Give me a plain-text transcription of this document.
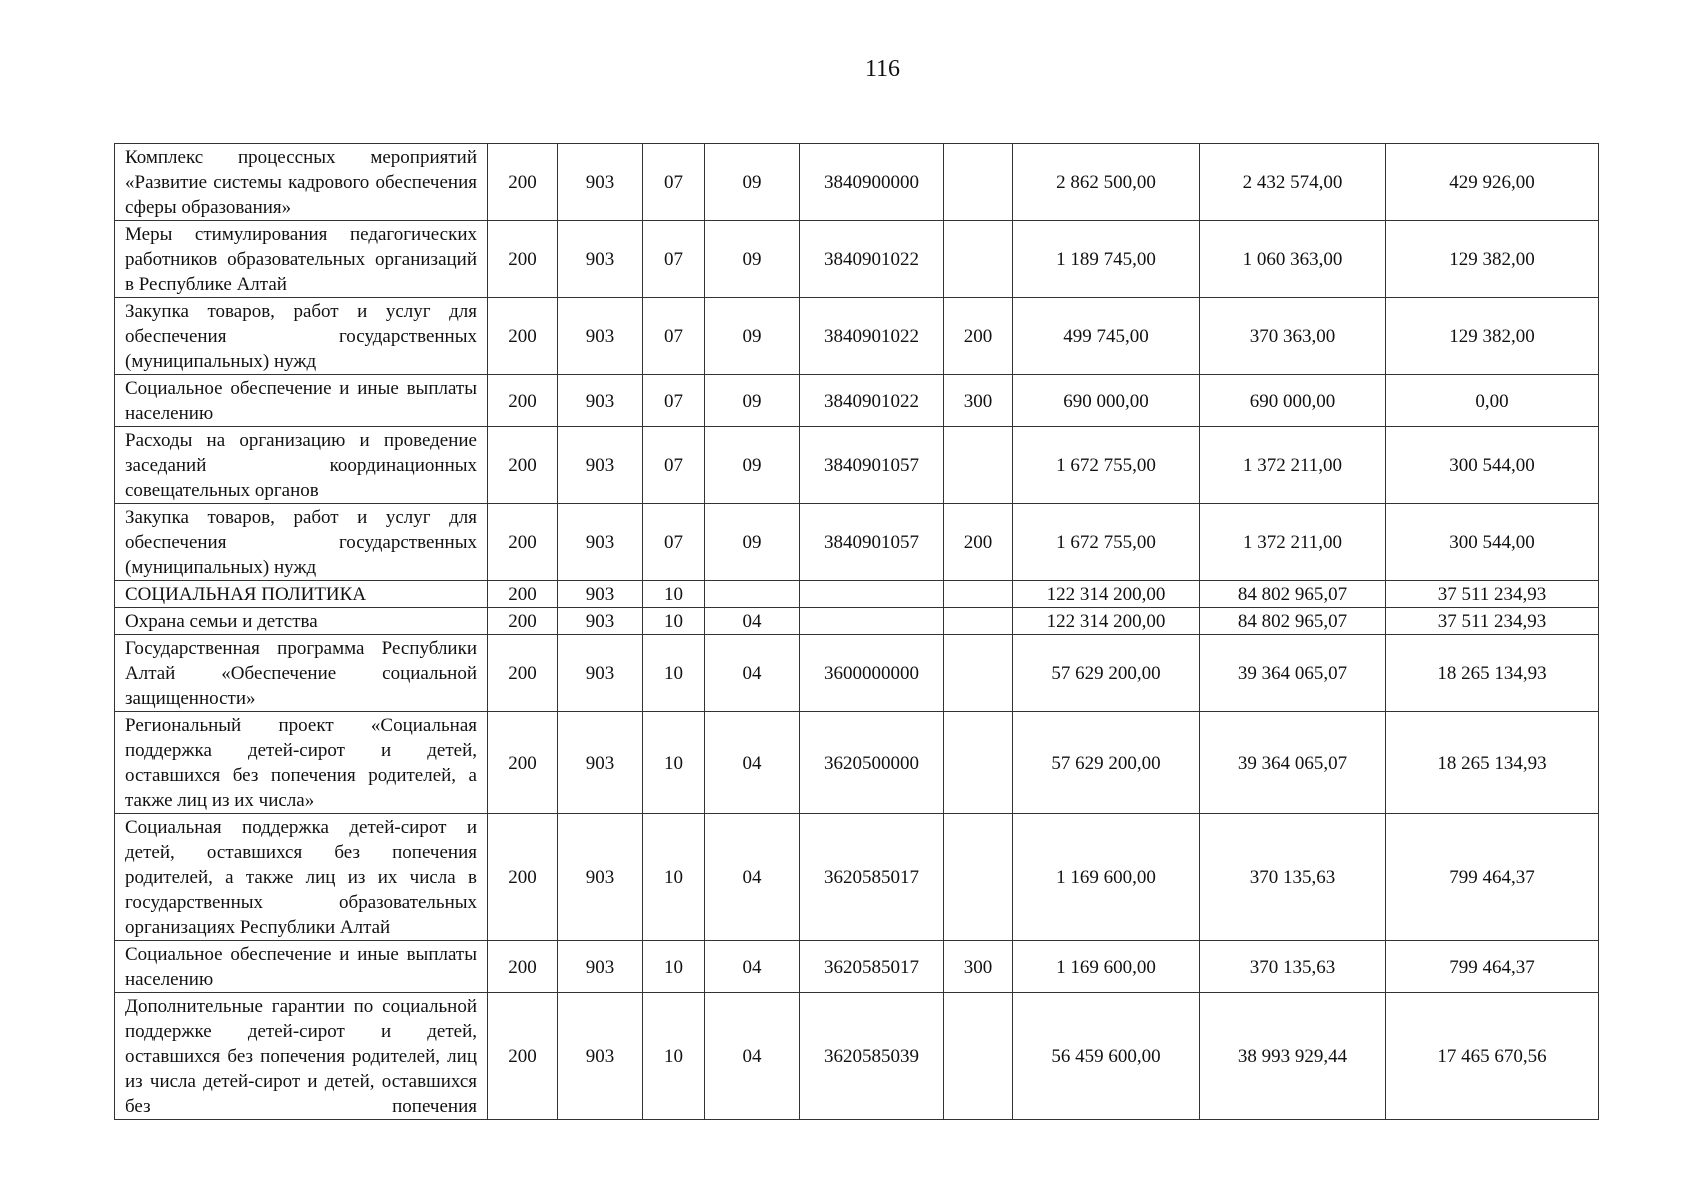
116
Комплекс процессных мероприятий «Развитие системы кадрового обеспечения сферы образования»	200	903	07	09	3840900000		2 862 500,00	2 432 574,00	429 926,00
Меры стимулирования педагогических работников образовательных организаций в Республике Алтай	200	903	07	09	3840901022		1 189 745,00	1 060 363,00	129 382,00
Закупка товаров, работ и услуг для обеспечения государственных (муниципальных) нужд	200	903	07	09	3840901022	200	499 745,00	370 363,00	129 382,00
Социальное обеспечение и иные выплаты населению	200	903	07	09	3840901022	300	690 000,00	690 000,00	0,00
Расходы на организацию и проведение заседаний координационных совещательных органов	200	903	07	09	3840901057		1 672 755,00	1 372 211,00	300 544,00
Закупка товаров, работ и услуг для обеспечения государственных (муниципальных) нужд	200	903	07	09	3840901057	200	1 672 755,00	1 372 211,00	300 544,00
СОЦИАЛЬНАЯ ПОЛИТИКА	200	903	10				122 314 200,00	84 802 965,07	37 511 234,93
Охрана семьи и детства	200	903	10	04			122 314 200,00	84 802 965,07	37 511 234,93
Государственная программа Республики Алтай «Обеспечение социальной защищенности»	200	903	10	04	3600000000		57 629 200,00	39 364 065,07	18 265 134,93
Региональный проект «Социальная поддержка детей-сирот и детей, оставшихся без попечения родителей, а также лиц из их числа»	200	903	10	04	3620500000		57 629 200,00	39 364 065,07	18 265 134,93
Социальная поддержка детей-сирот и детей, оставшихся без попечения родителей, а также лиц из их числа в государственных образовательных организациях Республики Алтай	200	903	10	04	3620585017		1 169 600,00	370 135,63	799 464,37
Социальное обеспечение и иные выплаты населению	200	903	10	04	3620585017	300	1 169 600,00	370 135,63	799 464,37
Дополнительные гарантии по социальной поддержке детей-сирот и детей, оставшихся без попечения родителей, лиц из числа детей-сирот и детей, оставшихся без попечения	200	903	10	04	3620585039		56 459 600,00	38 993 929,44	17 465 670,56
